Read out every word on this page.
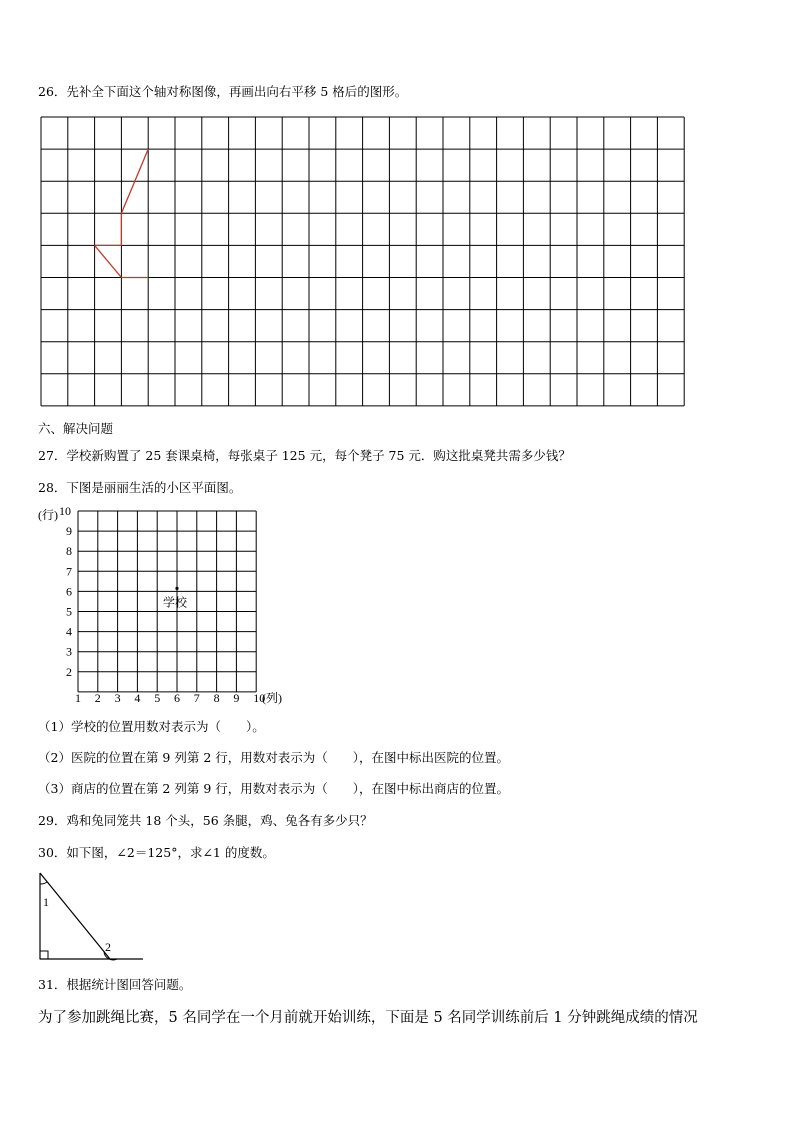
26．先补全下面这个轴对称图像，再画出向右平移 5 格后的图形。
六、解决问题
27．学校新购置了 25 套课桌椅，每张桌子 125 元，每个凳子 75 元．购这批桌凳共需多少钱？
28．下图是丽丽生活的小区平面图。
(行)
(列)
学校
10
9
8
7
6
5
4
3
2
1 2 3 4 5 6 7 8 9 10
（1）学校的位置用数对表示为（　　）。
（2）医院的位置在第 9 列第 2 行，用数对表示为（　　），在图中标出医院的位置。
（3）商店的位置在第 2 列第 9 行，用数对表示为（　　），在图中标出商店的位置。
29．鸡和兔同笼共 18 个头，56 条腿，鸡、兔各有多少只？
30．如下图，∠2＝125°，求∠1 的度数。
1
2
31．根据统计图回答问题。
为了参加跳绳比赛，5 名同学在一个月前就开始训练，下面是 5 名同学训练前后 1 分钟跳绳成绩的情况
